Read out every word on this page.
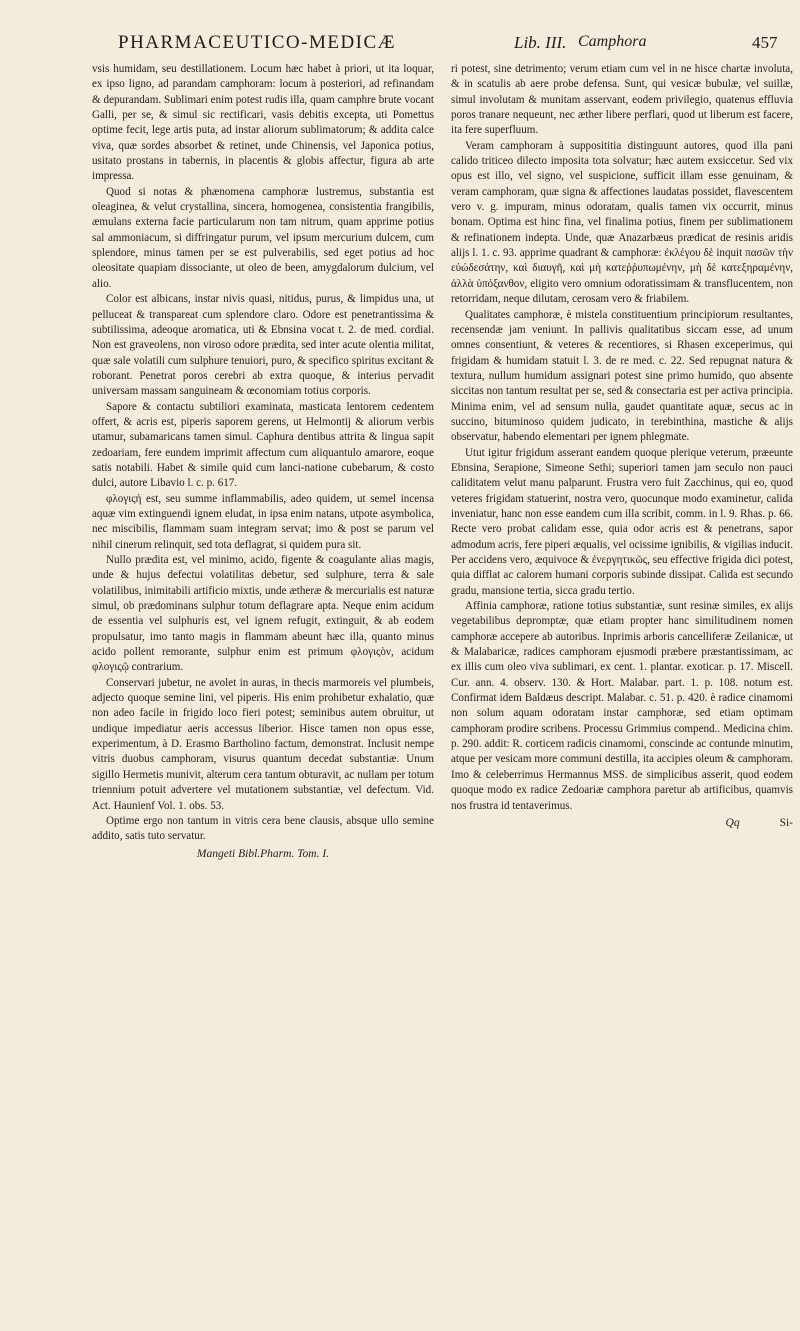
PHARMACEUTICO-MEDICÆ	Lib. III. Camphora	457

vsis humidam, seu destillationem. Locum hæc habet à priori, ut ita loquar, ex ipso ligno, ad parandam camphoram: locum à posteriori, ad refinandam & depurandam. Sublimari enim potest rudis illa, quam camphre brute vocant Galli, per se, & simul sic rectificari, vasis debitis excepta, uti Pomettus optime fecit, lege artis puta, ad instar aliorum sublimatorum; & addita calce viva, quæ sordes absorbet & retinet, unde Chinensis, vel Japonica potius, usitato prostans in tabernis, in placentis & globis affectur, figura ab arte impressa.

Quod si notas & phænomena camphoræ lustremus, substantia est oleaginea, & velut crystallina, sincera, homogenea, consistentia frangibilis, æmulans externa facie particularum non tam nitrum, quam apprime potius sal ammoniacum, si diffringatur purum, vel ipsum mercurium dulcem, cum splendore, minus tamen per se est pulverabilis, sed eget potius ad hoc oleositate quapiam dissociante, ut oleo de been, amygdalorum dulcium, vel alio.

Color est albicans, instar nivis quasi, nitidus, purus, & limpidus una, ut pelluceat & transpareat cum splendore claro. Odore est penetrantissima & subtilissima, adeoque aromatica, uti & Ebnsina vocat t. 2. de med. cordial. Non est graveolens, non viroso odore prædita, sed inter acute olentia militat, quæ sale volatili cum sulphure tenuiori, puro, & specifico spiritus excitant & roborant. Penetrat poros cerebri ab extra quoque, & interius pervadit universam massam sanguineam & œconomiam totius corporis.

Sapore & contactu subtiliori examinata, masticata lentorem cedentem offert, & acris est, piperis saporem gerens, ut Helmontij & aliorum verbis utamur, subamaricans tamen simul. Caphura dentibus attrita & lingua sapit zedoariam, fere eundem imprimit affectum cum aliquantulo amarore, eoque satis notabili. Habet & simile quid cum lanci-natione cubebarum, & costo dulci, autore Libavio l. c. p. 617.

φλογιςή est, seu summe inflammabilis, adeo quidem, ut semel incensa aquæ vim extinguendi ignem eludat, in ipsa enim natans, utpote asymbolica, nec miscibilis, flammam suam integram servat; imo & post se parum vel nihil cinerum relinquit, sed tota deflagrat, si quidem pura sit.

Nullo prædita est, vel minimo, acido, figente & coagulante alias magis, unde & hujus defectui volatilitas debetur, sed sulphure, terra & sale volatilibus, inimitabili artificio mixtis, unde ætheræ & mercurialis est naturæ simul, ob prædominans sulphur totum deflagrare apta. Neque enim acidum de essentia vel sulphuris est, vel ignem refugit, extinguit, & ab eodem propulsatur, imo tanto magis in flammam abeunt hæc illa, quanto minus acido pollent remorante, sulphur enim est primum φλογιςὸν, acidum φλογιςῷ contrarium.

Conservari jubetur, ne avolet in auras, in thecis marmoreis vel plumbeis, adjecto quoque semine lini, vel piperis. His enim prohibetur exhalatio, quæ non adeo facile in frigido loco fieri potest; seminibus autem obruitur, ut undique impediatur aeris accessus liberior. Hisce tamen non opus esse, experimentum, à D. Erasmo Bartholino factum, demonstrat. Inclusit nempe vitris duobus camphoram, visurus quantum decedat substantiæ. Unum sigillo Hermetis munivit, alterum cera tantum obturavit, ac nullam per totum triennium potuit advertere vel mutationem substantiæ, vel defectum. Vid. Act. Haunienf Vol. 1. obs. 53.

Optime ergo non tantum in vitris cera bene clausis, absque ullo semine addito, satis tuto servatur.

Mangeti Bibl.Pharm. Tom. I.

ri potest, sine detrimento; verum etiam cum vel in ne hisce chartæ involuta, & in scatulis ab aere probe defensa. Sunt, qui vesicæ bubulæ, vel suillæ, simul involutam & munitam asservant, eodem privilegio, quatenus effluvia poros tranare nequeunt, nec æther libere perflari, quod ut liberum est facere, ita fere superfluum.

Veram camphoram à supposititia distinguunt autores, quod illa pani calido triticeo dilecto imposita tota solvatur; hæc autem exsiccetur. Sed vix opus est illo, vel signo, vel suspicione, sufficit illam esse genuinam, & veram camphoram, quæ signa & affectiones laudatas possidet, flavescentem vero v. g. impuram, minus odoratam, qualis tamen vix occurrit, minus bonam. Optima est hinc fina, vel finalima potius, finem per sublimationem & refinationem indepta. Unde, quæ Anazarbæus prædicat de resinis aridis alijs l. 1. c. 93. apprime quadrant & camphoræ: ἐκλέγου δὲ inquit πασῶν τὴν εὐώδεσάτην, καὶ διαυγῆ, καὶ μὴ κατεῤῥυπωμένην, μὴ δὲ κατεξηραμένην, ἀλλὰ ὑπόξανθον, eligito vero omnium odoratissimam & transflucentem, non retorridam, neque dilutam, cerosam vero & friabilem.

Qualitates camphoræ, è mistela constituentium principiorum resultantes, recensendæ jam veniunt. In pallivis qualitatibus siccam esse, ad unum omnes consentiunt, & veteres & recentiores, si Rhasen exceperimus, qui frigidam & humidam statuit l. 3. de re med. c. 22. Sed repugnat natura & textura, nullum humidum assignari potest sine primo humido, quo absente siccitas non tantum resultat per se, sed & consectaria est per activa principia. Minima enim, vel ad sensum nulla, gaudet quantitate aquæ, secus ac in succino, bituminoso quidem judicato, in terebinthina, mastiche & alijs observatur, habendo elementari per ignem phlegmate.

Utut igitur frigidum asserant eandem quoque plerique veterum, præeunte Ebnsina, Serapione, Simeone Sethi; superiori tamen jam seculo non pauci caliditatem velut manu palparunt. Frustra vero fuit Zacchinus, qui eo, quod veteres frigidam statuerint, nostra vero, quocunque modo examinetur, calida inveniatur, hanc non esse eandem cum illa scribit, comm. in l. 9. Rhas. p. 66. Recte vero probat calidam esse, quia odor acris est & penetrans, sapor admodum acris, fere piperi æqualis, vel ocissime ignibilis, & vigilias inducit. Per accidens vero, æquivoce & ἐνεργητικῶς, seu effective frigida dici potest, quia difflat ac calorem humani corporis subinde dissipat. Calida est secundo gradu, mansione tertia, sicca gradu tertio.

Affinia camphoræ, ratione totius substantiæ, sunt resinæ similes, ex alijs vegetabilibus depromptæ, quæ etiam propter hanc similitudinem nomen camphoræ accepere ab autoribus. Inprimis arboris cancelliferæ Zeilanicæ, ut & Malabaricæ, radices camphoram ejusmodi præbere præstantissimam, ac ex illis cum oleo viva sublimari, ex cent. 1. plantar. exoticar. p. 17. Miscell. Cur. ann. 4. observ. 130. & Hort. Malabar. part. 1. p. 108. notum est. Confirmat idem Baldæus descript. Malabar. c. 51. p. 420. è radice cinamomi non solum aquam odoratam instar camphoræ, sed etiam optimam camphoram prodire scribens. Processu Grimmius compend.. Medicina chim. p. 290. addit: R. corticem radicis cinamomi, conscinde ac contunde minutim, atque per vesicam more communi destilla, ita accipies oleum & camphoram. Imo & celeberrimus Hermannus MSS. de simplicibus asserit, quod eodem quoque modo ex radice Zedoariæ camphora paretur ab artificibus, quamvis nos frustra id tentaverimus.

Qq	Si-
